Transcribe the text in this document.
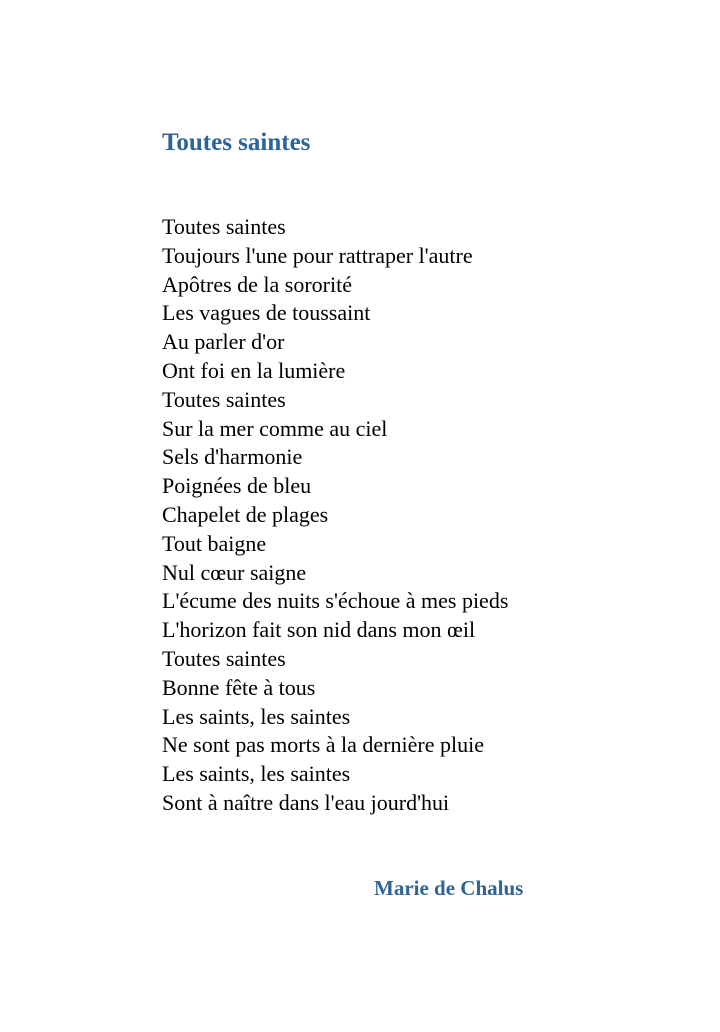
Toutes saintes
Toutes saintes
Toujours l'une pour rattraper l'autre
Apôtres de la sororité
Les vagues de toussaint
Au parler d'or
Ont foi en la lumière
Toutes saintes
Sur la mer comme au ciel
Sels d'harmonie
Poignées de bleu
Chapelet de plages
Tout baigne
Nul cœur saigne
L'écume des nuits s'échoue à mes pieds
L'horizon fait son nid dans mon œil
Toutes saintes
Bonne fête à tous
Les saints, les saintes
Ne sont pas morts à la dernière pluie
Les saints, les saintes
Sont à naître dans l'eau jourd'hui

Marie de Chalus
